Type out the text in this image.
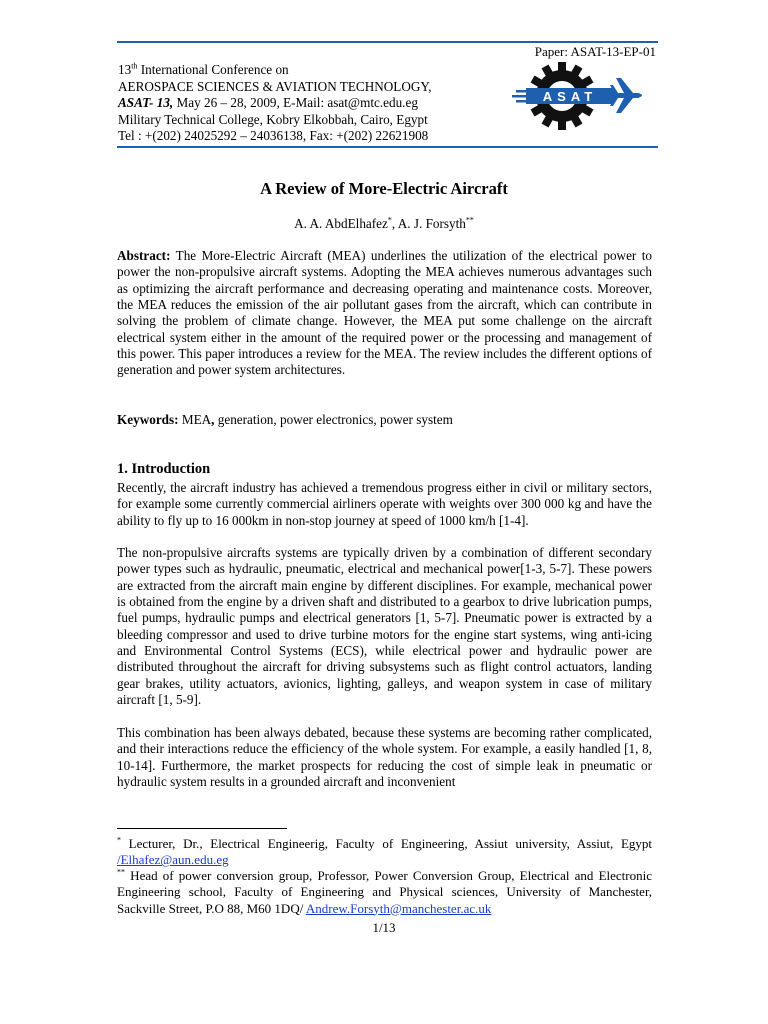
Paper: ASAT-13-EP-01
13th International Conference on
AEROSPACE SCIENCES & AVIATION TECHNOLOGY,
ASAT- 13, May 26 – 28, 2009, E-Mail: asat@mtc.edu.eg
Military Technical College, Kobry Elkobbah, Cairo, Egypt
Tel : +(202) 24025292 – 24036138, Fax: +(202) 22621908
ASAT
A Review of More-Electric Aircraft
A. A. AbdElhafez*, A. J. Forsyth**
Abstract: The More-Electric Aircraft (MEA) underlines the utilization of the electrical power to power the non-propulsive aircraft systems. Adopting the MEA achieves numerous advantages such as optimizing the aircraft performance and decreasing operating and maintenance costs. Moreover, the MEA reduces the emission of the air pollutant gases from the aircraft, which can contribute in solving the problem of climate change. However, the MEA put some challenge on the aircraft electrical system either in the amount of the required power or the processing and management of this power. This paper introduces a review for the MEA. The review includes the different options of generation and power system architectures.
Keywords: MEA, generation, power electronics, power system
1. Introduction
Recently, the aircraft industry has achieved a tremendous progress either in civil or military sectors, for example some currently commercial airliners operate with weights over 300 000 kg and have the ability to fly up to 16 000km in non-stop journey at speed of 1000 km/h [1-4].
The non-propulsive aircrafts systems are typically driven by a combination of different secondary power types such as hydraulic, pneumatic, electrical and mechanical power[1-3, 5-7]. These powers are extracted from the aircraft main engine by different disciplines. For example, mechanical power is obtained from the engine by a driven shaft and distributed to a gearbox to drive lubrication pumps, fuel pumps, hydraulic pumps and electrical generators [1, 5-7]. Pneumatic power is extracted by a bleeding compressor and used to drive turbine motors for the engine start systems, wing anti-icing and Environmental Control Systems (ECS), while electrical power and hydraulic power are distributed throughout the aircraft for driving subsystems such as flight control actuators, landing gear brakes, utility actuators, avionics, lighting, galleys, and weapon system in case of military aircraft [1, 5-9].
This combination has been always debated, because these systems are becoming rather complicated, and their interactions reduce the efficiency of the whole system. For example, a easily handled [1, 8, 10-14]. Furthermore, the market prospects for reducing the cost of simple leak in pneumatic or hydraulic system results in a grounded aircraft and inconvenient
* Lecturer, Dr., Electrical Engineerig, Faculty of Engineering, Assiut university, Assiut, Egypt /Elhafez@aun.edu.eg
** Head of power conversion group, Professor, Power Conversion Group, Electrical and Electronic Engineering school, Faculty of Engineering and Physical sciences, University of Manchester, Sackville Street, P.O 88, M60 1DQ/ Andrew.Forsyth@manchester.ac.uk
1/13
